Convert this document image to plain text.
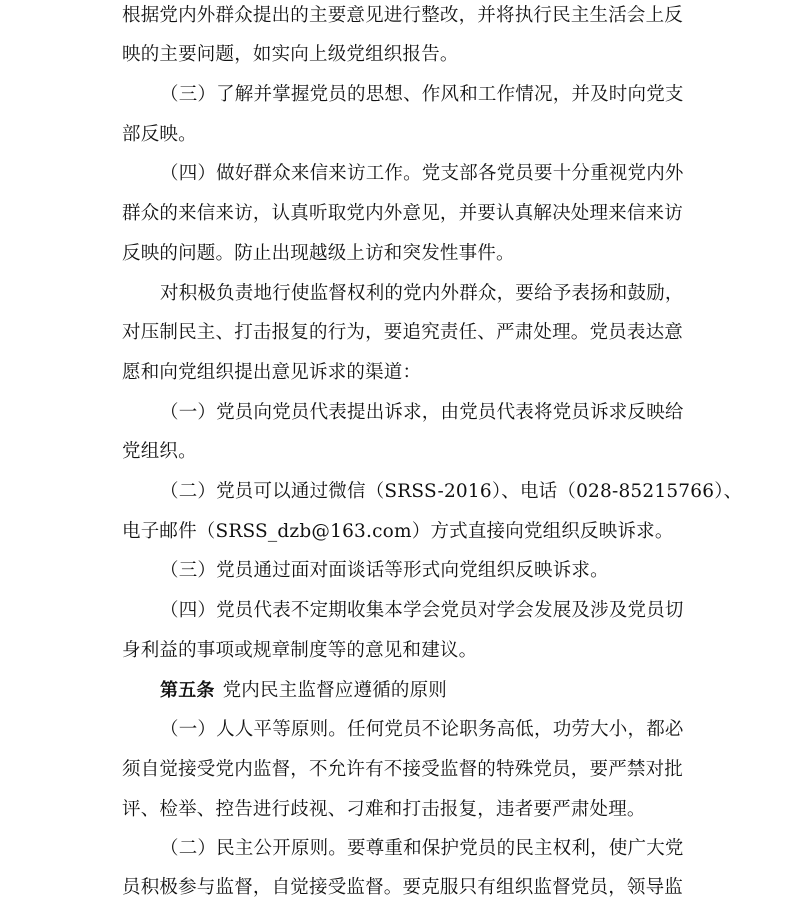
根据党内外群众提出的主要意见进行整改，并将执行民主生活会上反
映的主要问题，如实向上级党组织报告。
（三）了解并掌握党员的思想、作风和工作情况，并及时向党支
部反映。
（四）做好群众来信来访工作。党支部各党员要十分重视党内外
群众的来信来访，认真听取党内外意见，并要认真解决处理来信来访
反映的问题。防止出现越级上访和突发性事件。
对积极负责地行使监督权利的党内外群众，要给予表扬和鼓励，
对压制民主、打击报复的行为，要追究责任、严肃处理。党员表达意
愿和向党组织提出意见诉求的渠道：
（一）党员向党员代表提出诉求，由党员代表将党员诉求反映给
党组织。
（二）党员可以通过微信（SRSS-2016）、电话（028-85215766）、
电子邮件（SRSS_dzb@163.com）方式直接向党组织反映诉求。
（三）党员通过面对面谈话等形式向党组织反映诉求。
（四）党员代表不定期收集本学会党员对学会发展及涉及党员切
身利益的事项或规章制度等的意见和建议。
第五条 党内民主监督应遵循的原则
（一）人人平等原则。任何党员不论职务高低，功劳大小，都必
须自觉接受党内监督，不允许有不接受监督的特殊党员，要严禁对批
评、检举、控告进行歧视、刁难和打击报复，违者要严肃处理。
（二）民主公开原则。要尊重和保护党员的民主权利，使广大党
员积极参与监督，自觉接受监督。要克服只有组织监督党员，领导监
